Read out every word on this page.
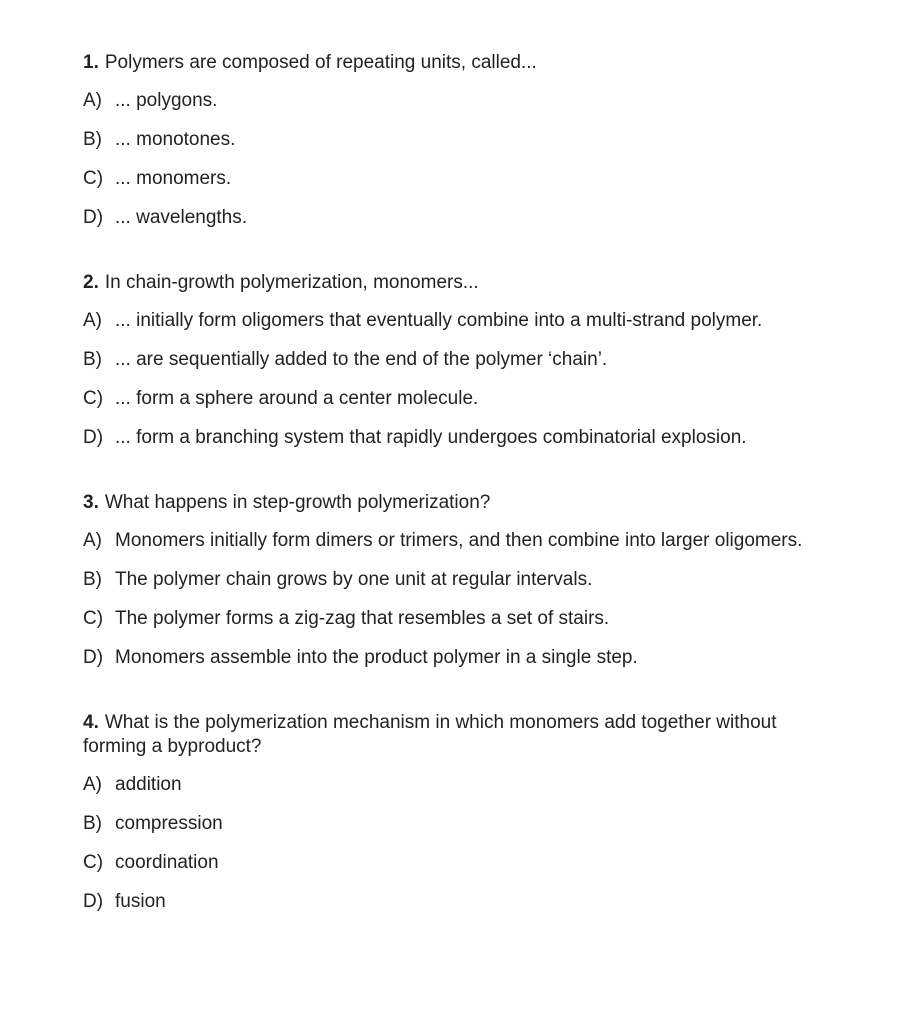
1. Polymers are composed of repeating units, called...

A) ... polygons.
B) ... monotones.
C) ... monomers.
D) ... wavelengths.

2. In chain-growth polymerization, monomers...

A) ... initially form oligomers that eventually combine into a multi-strand polymer.
B) ... are sequentially added to the end of the polymer ‘chain’.
C) ... form a sphere around a center molecule.
D) ... form a branching system that rapidly undergoes combinatorial explosion.

3. What happens in step-growth polymerization?

A) Monomers initially form dimers or trimers, and then combine into larger oligomers.
B) The polymer chain grows by one unit at regular intervals.
C) The polymer forms a zig-zag that resembles a set of stairs.
D) Monomers assemble into the product polymer in a single step.

4. What is the polymerization mechanism in which monomers add together without forming a byproduct?

A) addition
B) compression
C) coordination
D) fusion
